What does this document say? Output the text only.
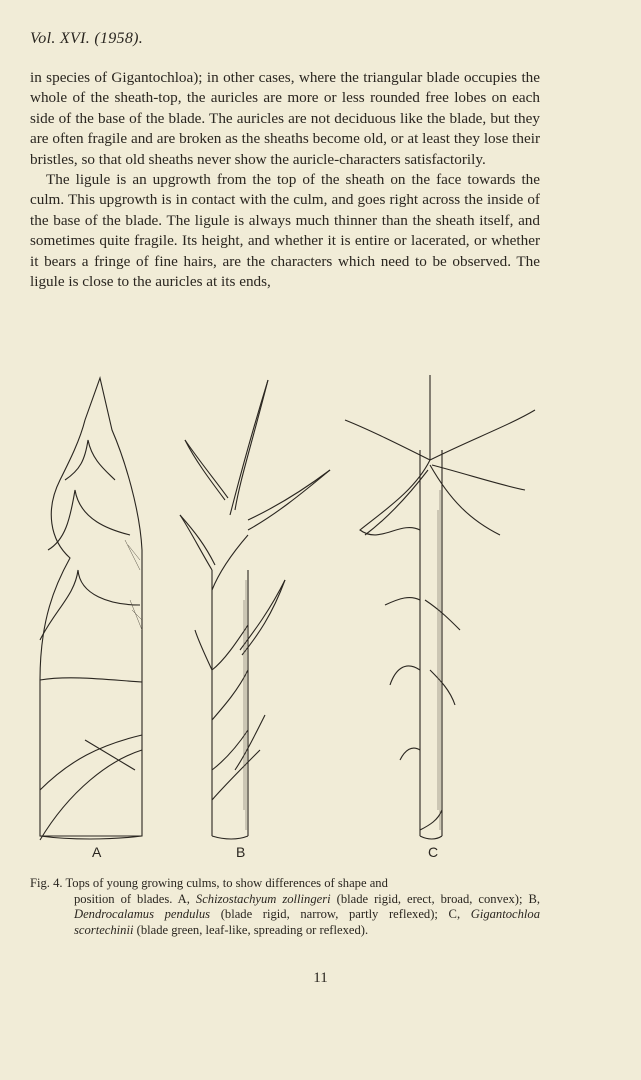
Vol. XVI. (1958).

in species of Gigantochloa); in other cases, where the triangular blade occupies the whole of the sheath-top, the auricles are more or less rounded free lobes on each side of the base of the blade. The auricles are not deciduous like the blade, but they are often fragile and are broken as the sheaths become old, or at least they lose their bristles, so that old sheaths never show the auricle-characters satisfactorily.

The ligule is an upgrowth from the top of the sheath on the face towards the culm. This upgrowth is in contact with the culm, and goes right across the inside of the base of the blade. The ligule is always much thinner than the sheath itself, and sometimes quite fragile. Its height, and whether it is entire or lacerated, or whether it bears a fringe of fine hairs, are the characters which need to be observed. The ligule is close to the auricles at its ends,

A	B	C
Fig. 4. Tops of young growing culms, to show differences of shape and
position of blades. A, Schizostachyum zollingeri (blade rigid, erect, broad, convex); B, Dendrocalamus pendulus (blade rigid, narrow, partly reflexed); C, Gigantochloa scortechinii (blade green, leaf-like, spreading or reflexed).
11
